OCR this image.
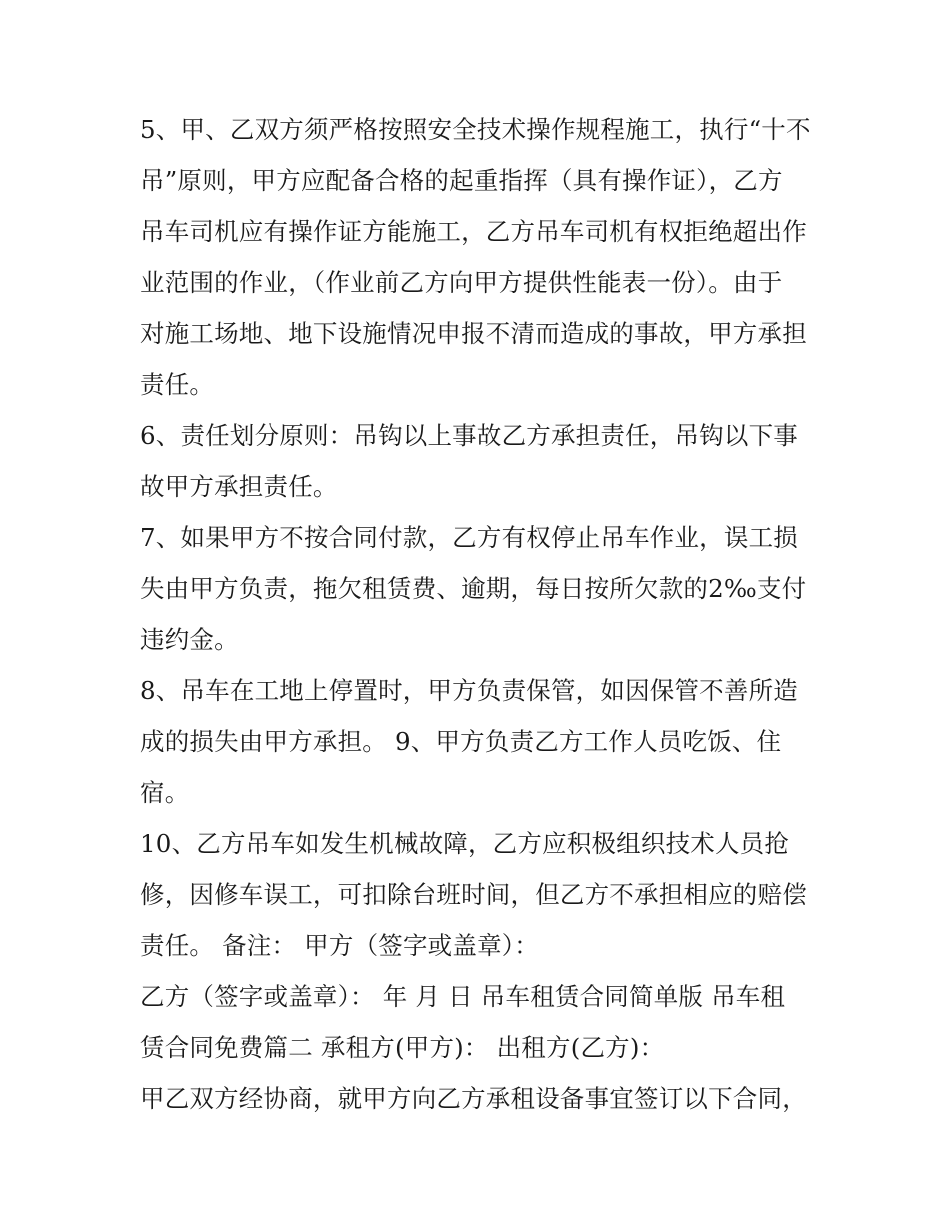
5、甲、乙双方须严格按照安全技术操作规程施工，执行“十不
吊”原则，甲方应配备合格的起重指挥（具有操作证），乙方
吊车司机应有操作证方能施工，乙方吊车司机有权拒绝超出作
业范围的作业，（作业前乙方向甲方提供性能表一份）。由于
对施工场地、地下设施情况申报不清而造成的事故，甲方承担
责任。
6、责任划分原则：吊钩以上事故乙方承担责任，吊钩以下事
故甲方承担责任。
7、如果甲方不按合同付款，乙方有权停止吊车作业，误工损
失由甲方负责，拖欠租赁费、逾期，每日按所欠款的2‰支付
违约金。
8、吊车在工地上停置时，甲方负责保管，如因保管不善所造
成的损失由甲方承担。 9、甲方负责乙方工作人员吃饭、住
宿。
10、乙方吊车如发生机械故障，乙方应积极组织技术人员抢
修，因修车误工，可扣除台班时间，但乙方不承担相应的赔偿
责任。 备注： 甲方（签字或盖章）：
乙方（签字或盖章）： 年 月 日 吊车租赁合同简单版 吊车租
赁合同免费篇二 承租方(甲方)： 出租方(乙方)：
甲乙双方经协商，就甲方向乙方承租设备事宜签订以下合同，
